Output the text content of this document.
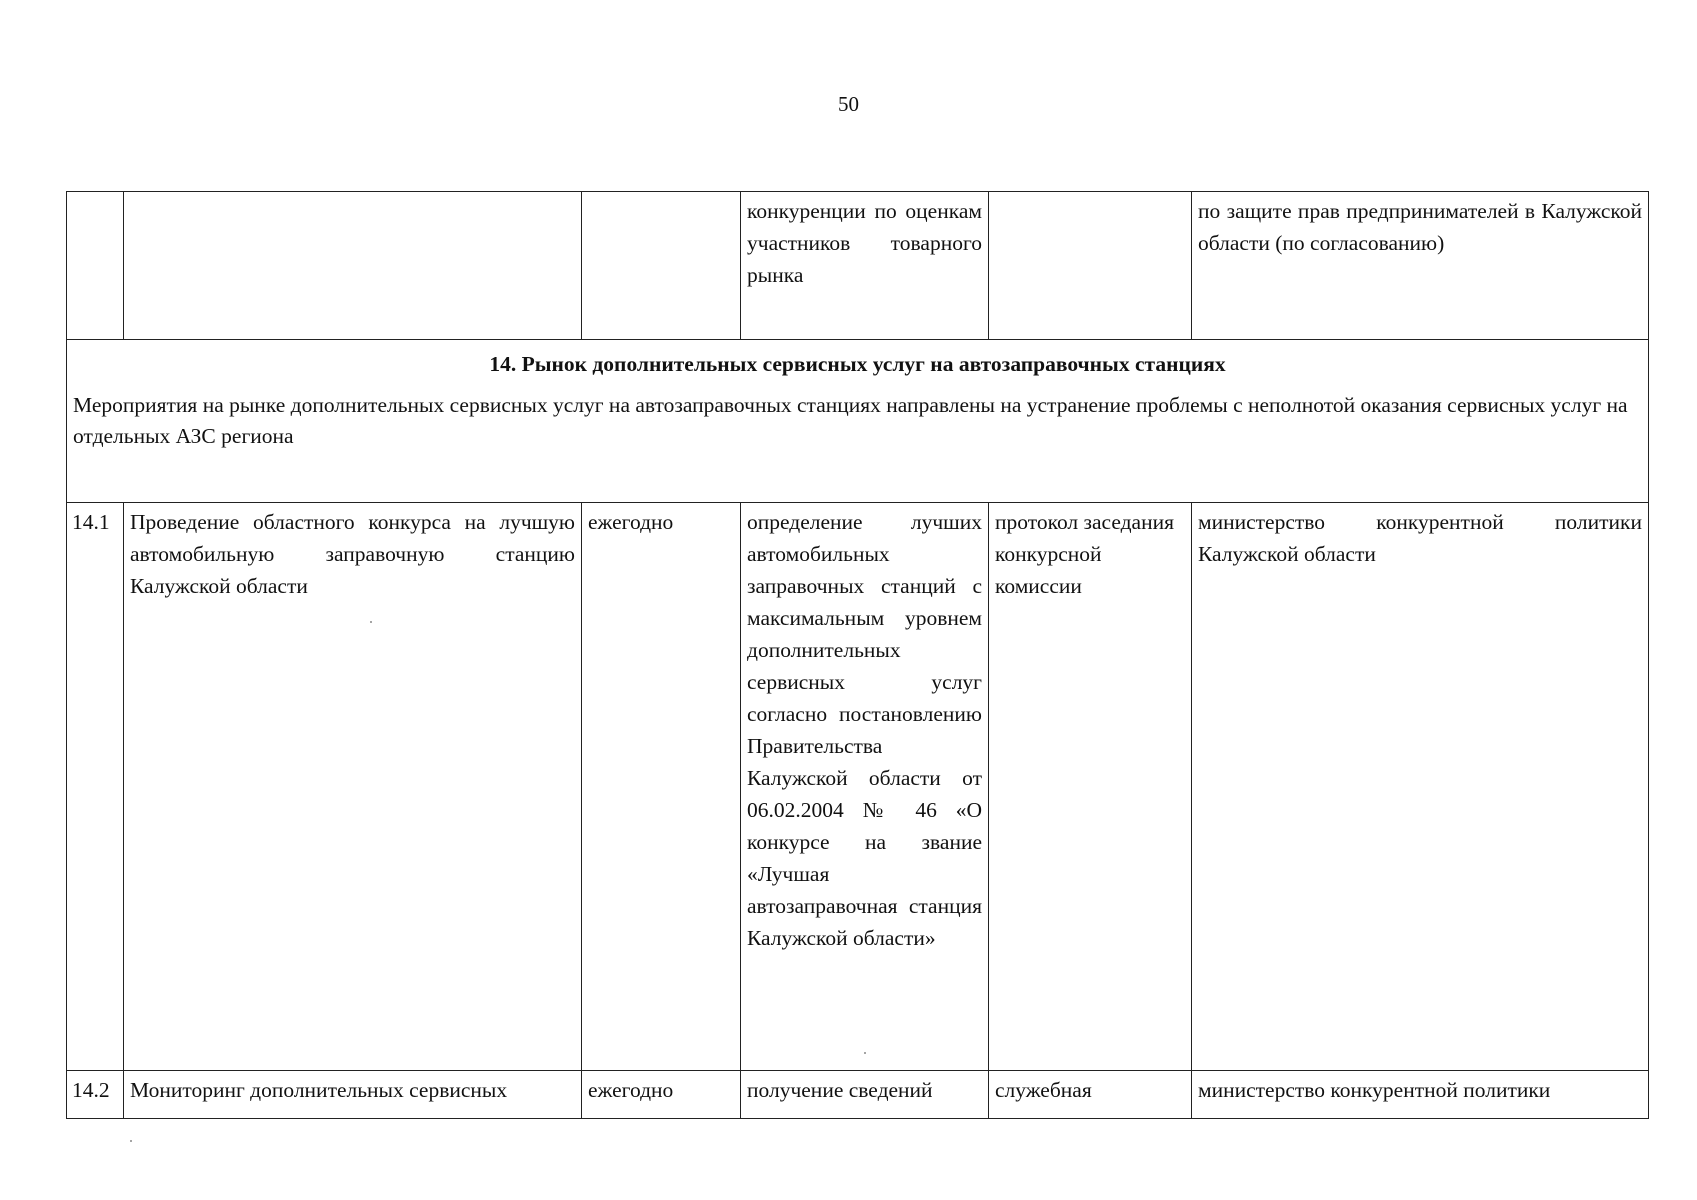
50
			конкуренции по оценкам участников товарного рынка		по защите прав предпринимателей в Калужской области (по согласованию)

14. Рынок дополнительных сервисных услуг на автозаправочных станциях
Мероприятия на рынке дополнительных сервисных услуг на автозаправочных станциях направлены на устранение проблемы с неполнотой оказания сервисных услуг на отдельных АЗС региона					

14.1	Проведение областного конкурса на лучшую автомобильную заправочную станцию Калужской области	ежегодно	определение лучших автомобильных заправочных станций с максимальным уровнем дополнительных сервисных услуг согласно постановлению Правительства Калужской области от 06.02.2004 № 46 «О конкурсе на звание «Лучшая автозаправочная станция Калужской области»	протокол заседания конкурсной комиссии	министерство конкурентной политики Калужской области
14.2	Мониторинг дополнительных сервисных	ежегодно	получение сведений	служебная	министерство конкурентной политики
